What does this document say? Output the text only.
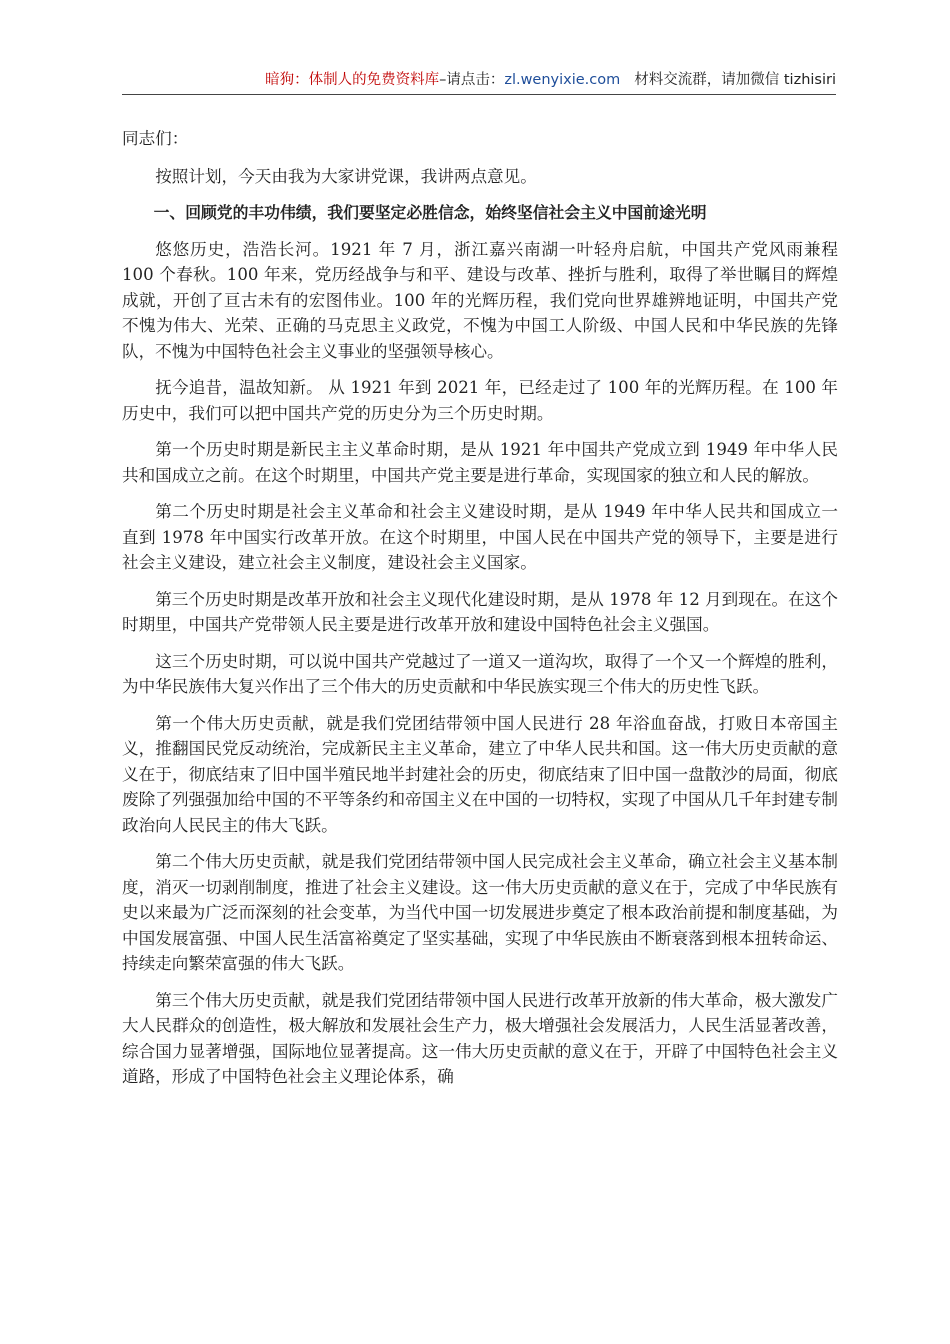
暗狗：体制人的免费资料库–请点击：zl.wenyixie.com 材料交流群，请加微信 tizhisiri

同志们：

按照计划，今天由我为大家讲党课，我讲两点意见。

一、回顾党的丰功伟绩，我们要坚定必胜信念，始终坚信社会主义中国前途光明

悠悠历史，浩浩长河。1921 年 7 月，浙江嘉兴南湖一叶轻舟启航，中国共产党风雨兼程 100 个春秋。100 年来，党历经战争与和平、建设与改革、挫折与胜利，取得了举世瞩目的辉煌成就，开创了亘古未有的宏图伟业。100 年的光辉历程，我们党向世界雄辨地证明，中国共产党不愧为伟大、光荣、正确的马克思主义政党，不愧为中国工人阶级、中国人民和中华民族的先锋队，不愧为中国特色社会主义事业的坚强领导核心。

抚今追昔，温故知新。 从 1921 年到 2021 年，已经走过了 100 年的光辉历程。在 100 年历史中，我们可以把中国共产党的历史分为三个历史时期。

第一个历史时期是新民主主义革命时期，是从 1921 年中国共产党成立到 1949 年中华人民共和国成立之前。在这个时期里，中国共产党主要是进行革命，实现国家的独立和人民的解放。

第二个历史时期是社会主义革命和社会主义建设时期，是从 1949 年中华人民共和国成立一直到 1978 年中国实行改革开放。在这个时期里，中国人民在中国共产党的领导下，主要是进行社会主义建设，建立社会主义制度，建设社会主义国家。

第三个历史时期是改革开放和社会主义现代化建设时期，是从 1978 年 12 月到现在。在这个时期里，中国共产党带领人民主要是进行改革开放和建设中国特色社会主义强国。

这三个历史时期，可以说中国共产党越过了一道又一道沟坎，取得了一个又一个辉煌的胜利，为中华民族伟大复兴作出了三个伟大的历史贡献和中华民族实现三个伟大的历史性飞跃。

第一个伟大历史贡献，就是我们党团结带领中国人民进行 28 年浴血奋战，打败日本帝国主义，推翻国民党反动统治，完成新民主主义革命，建立了中华人民共和国。这一伟大历史贡献的意义在于，彻底结束了旧中国半殖民地半封建社会的历史，彻底结束了旧中国一盘散沙的局面，彻底废除了列强强加给中国的不平等条约和帝国主义在中国的一切特权，实现了中国从几千年封建专制政治向人民民主的伟大飞跃。

第二个伟大历史贡献，就是我们党团结带领中国人民完成社会主义革命，确立社会主义基本制度，消灭一切剥削制度，推进了社会主义建设。这一伟大历史贡献的意义在于，完成了中华民族有史以来最为广泛而深刻的社会变革，为当代中国一切发展进步奠定了根本政治前提和制度基础，为中国发展富强、中国人民生活富裕奠定了坚实基础，实现了中华民族由不断衰落到根本扭转命运、持续走向繁荣富强的伟大飞跃。

第三个伟大历史贡献，就是我们党团结带领中国人民进行改革开放新的伟大革命，极大激发广大人民群众的创造性，极大解放和发展社会生产力，极大增强社会发展活力，人民生活显著改善，综合国力显著增强，国际地位显著提高。这一伟大历史贡献的意义在于，开辟了中国特色社会主义道路，形成了中国特色社会主义理论体系，确
